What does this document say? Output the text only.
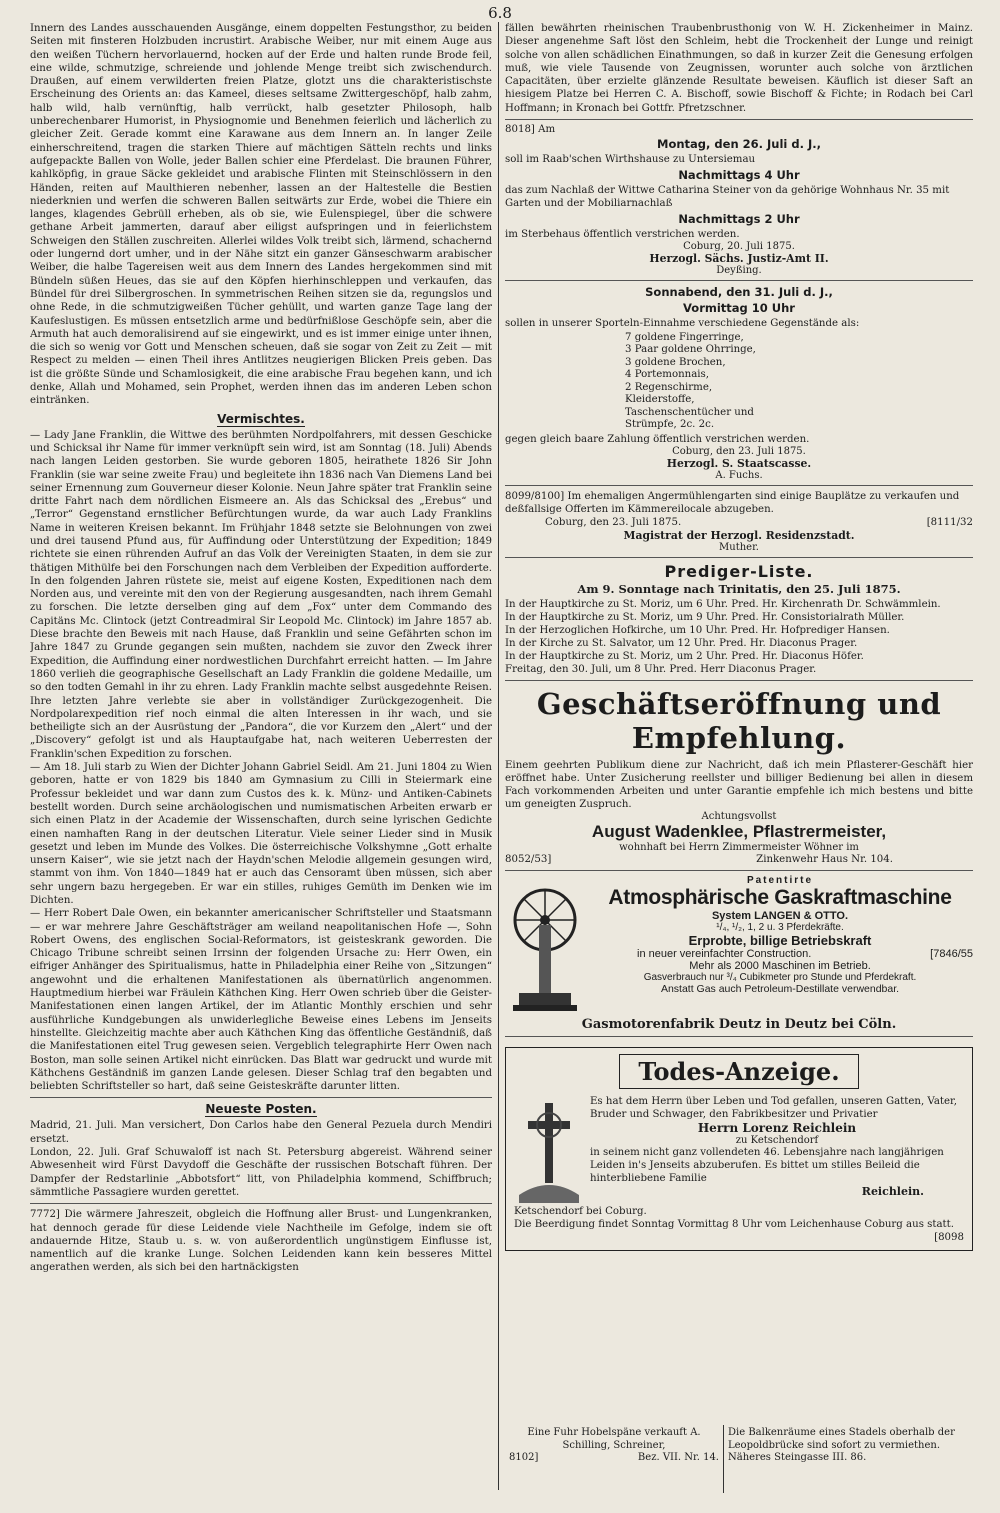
6.8

Innern des Landes ausschauenden Ausgänge, einem doppelten Festungsthor, zu beiden Seiten mit finsteren Holzbuden incrustirt. Arabische Weiber, nur mit einem Auge aus den weißen Tüchern hervorlauernd, hocken auf der Erde und halten runde Brode feil, eine wilde, schmutzige, schreiende und johlende Menge treibt sich zwischendurch. Draußen, auf einem verwilderten freien Platze, glotzt uns die charakteristischste Erscheinung des Orients an: das Kameel, dieses seltsame Zwittergeschöpf, halb zahm, halb wild, halb vernünftig, halb verrückt, halb gesetzter Philosoph, halb unberechenbarer Humorist, in Physiognomie und Benehmen feierlich und lächerlich zu gleicher Zeit. Gerade kommt eine Karawane aus dem Innern an. In langer Zeile einherschreitend, tragen die starken Thiere auf mächtigen Sätteln rechts und links aufgepackte Ballen von Wolle, jeder Ballen schier eine Pferdelast. Die braunen Führer, kahlköpfig, in graue Säcke gekleidet und arabische Flinten mit Steinschlössern in den Händen, reiten auf Maulthieren nebenher, lassen an der Haltestelle die Bestien niederknien und werfen die schweren Ballen seitwärts zur Erde, wobei die Thiere ein langes, klagendes Gebrüll erheben, als ob sie, wie Eulenspiegel, über die schwere gethane Arbeit jammerten, darauf aber eiligst aufspringen und in feierlichstem Schweigen den Ställen zuschreiten. Allerlei wildes Volk treibt sich, lärmend, schachernd oder lungernd dort umher, und in der Nähe sitzt ein ganzer Gänseschwarm arabischer Weiber, die halbe Tagereisen weit aus dem Innern des Landes hergekommen sind mit Bündeln süßen Heues, das sie auf den Köpfen hierhinschleppen und verkaufen, das Bündel für drei Silbergroschen. In symmetrischen Reihen sitzen sie da, regungslos und ohne Rede, in die schmutzigweißen Tücher gehüllt, und warten ganze Tage lang der Kaufeslustigen. Es müssen entsetzlich arme und bedürfnißlose Geschöpfe sein, aber die Armuth hat auch demoralisirend auf sie eingewirkt, und es ist immer einige unter ihnen, die sich so wenig vor Gott und Menschen scheuen, daß sie sogar von Zeit zu Zeit — mit Respect zu melden — einen Theil ihres Antlitzes neugierigen Blicken Preis geben. Das ist die größte Sünde und Schamlosigkeit, die eine arabische Frau begehen kann, und ich denke, Allah und Mohamed, sein Prophet, werden ihnen das im anderen Leben schon eintränken.

Vermischtes.

— Lady Jane Franklin, die Wittwe des berühmten Nordpolfahrers, mit dessen Geschicke und Schicksal ihr Name für immer verknüpft sein wird, ist am Sonntag (18. Juli) Abends nach langen Leiden gestorben. Sie wurde geboren 1805, heirathete 1826 Sir John Franklin (sie war seine zweite Frau) und begleitete ihn 1836 nach Van Diemens Land bei seiner Ernennung zum Gouverneur dieser Kolonie. Neun Jahre später trat Franklin seine dritte Fahrt nach dem nördlichen Eismeere an. Als das Schicksal des „Erebus“ und „Terror“ Gegenstand ernstlicher Befürchtungen wurde, da war auch Lady Franklins Name in weiteren Kreisen bekannt. Im Frühjahr 1848 setzte sie Belohnungen von zwei und drei tausend Pfund aus, für Auffindung oder Unterstützung der Expedition; 1849 richtete sie einen rührenden Aufruf an das Volk der Vereinigten Staaten, in dem sie zur thätigen Mithülfe bei den Forschungen nach dem Verbleiben der Expedition aufforderte. In den folgenden Jahren rüstete sie, meist auf eigene Kosten, Expeditionen nach dem Norden aus, und vereinte mit den von der Regierung ausgesandten, nach ihrem Gemahl zu forschen. Die letzte derselben ging auf dem „Fox“ unter dem Commando des Capitäns Mc. Clintock (jetzt Contreadmiral Sir Leopold Mc. Clintock) im Jahre 1857 ab. Diese brachte den Beweis mit nach Hause, daß Franklin und seine Gefährten schon im Jahre 1847 zu Grunde gegangen sein mußten, nachdem sie zuvor den Zweck ihrer Expedition, die Auffindung einer nordwestlichen Durchfahrt erreicht hatten. — Im Jahre 1860 verlieh die geographische Gesellschaft an Lady Franklin die goldene Medaille, um so den todten Gemahl in ihr zu ehren. Lady Franklin machte selbst ausgedehnte Reisen. Ihre letzten Jahre verlebte sie aber in vollständiger Zurückgezogenheit. Die Nordpolarexpedition rief noch einmal die alten Interessen in ihr wach, und sie betheiligte sich an der Ausrüstung der „Pandora“, die vor Kurzem den „Alert“ und der „Discovery“ gefolgt ist und als Hauptaufgabe hat, nach weiteren Ueberresten der Franklin'schen Expedition zu forschen.
— Am 18. Juli starb zu Wien der Dichter Johann Gabriel Seidl. Am 21. Juni 1804 zu Wien geboren, hatte er von 1829 bis 1840 am Gymnasium zu Cilli in Steiermark eine Professur bekleidet und war dann zum Custos des k. k. Münz- und Antiken-Cabinets bestellt worden. Durch seine archäologischen und numismatischen Arbeiten erwarb er sich einen Platz in der Academie der Wissenschaften, durch seine lyrischen Gedichte einen namhaften Rang in der deutschen Literatur. Viele seiner Lieder sind in Musik gesetzt und leben im Munde des Volkes. Die österreichische Volkshymne „Gott erhalte unsern Kaiser“, wie sie jetzt nach der Haydn'schen Melodie allgemein gesungen wird, stammt von ihm. Von 1840—1849 hat er auch das Censoramt üben müssen, sich aber sehr ungern bazu hergegeben. Er war ein stilles, ruhiges Gemüth im Denken wie im Dichten.
— Herr Robert Dale Owen, ein bekannter americanischer Schriftsteller und Staatsmann — er war mehrere Jahre Geschäftsträger am weiland neapolitanischen Hofe —, Sohn Robert Owens, des englischen Social-Reformators, ist geisteskrank geworden. Die Chicago Tribune schreibt seinen Irrsinn der folgenden Ursache zu: Herr Owen, ein eifriger Anhänger des Spiritualismus, hatte in Philadelphia einer Reihe von „Sitzungen“ angewohnt und die erhaltenen Manifestationen als übernatürlich angenommen. Hauptmedium hierbei war Fräulein Käthchen King. Herr Owen schrieb über die Geister-Manifestationen einen langen Artikel, der im Atlantic Monthly erschien und sehr ausführliche Kundgebungen als unwiderlegliche Beweise eines Lebens im Jenseits hinstellte. Gleichzeitig machte aber auch Käthchen King das öffentliche Geständniß, daß die Manifestationen eitel Trug gewesen seien. Vergeblich telegraphirte Herr Owen nach Boston, man solle seinen Artikel nicht einrücken. Das Blatt war gedruckt und wurde mit Käthchens Geständniß im ganzen Lande gelesen. Dieser Schlag traf den begabten und beliebten Schriftsteller so hart, daß seine Geisteskräfte darunter litten.

Neueste Posten.

Madrid, 21. Juli. Man versichert, Don Carlos habe den General Pezuela durch Mendiri ersetzt.
London, 22. Juli. Graf Schuwaloff ist nach St. Petersburg abgereist. Während seiner Abwesenheit wird Fürst Davydoff die Geschäfte der russischen Botschaft führen. Der Dampfer der Redstarlinie „Abbotsfort“ litt, von Philadelphia kommend, Schiffbruch; sämmtliche Passagiere wurden gerettet.

7772] Die wärmere Jahreszeit, obgleich die Hoffnung aller Brust- und Lungenkranken, hat dennoch gerade für diese Leidende viele Nachtheile im Gefolge, indem sie oft andauernde Hitze, Staub u. s. w. von außerordentlich ungünstigem Einflusse ist, namentlich auf die kranke Lunge. Solchen Leidenden kann kein besseres Mittel angerathen werden, als sich bei den hartnäckigsten

fällen bewährten rheinischen Traubenbrusthonig von W. H. Zickenheimer in Mainz. Dieser angenehme Saft löst den Schleim, hebt die Trockenheit der Lunge und reinigt solche von allen schädlichen Einathmungen, so daß in kurzer Zeit die Genesung erfolgen muß, wie viele Tausende von Zeugnissen, worunter auch solche von ärztlichen Capacitäten, über erzielte glänzende Resultate beweisen. Käuflich ist dieser Saft an hiesigem Platze bei Herren C. A. Bischoff, sowie Bischoff & Fichte; in Rodach bei Carl Hoffmann; in Kronach bei Gottfr. Pfretzschner.

8018] Am
Montag, den 26. Juli d. J.,
soll im Raab'schen Wirthshause zu Untersiemau
Nachmittags 4 Uhr
das zum Nachlaß der Wittwe Catharina Steiner von da gehörige Wohnhaus Nr. 35 mit Garten und der Mobiliarnachlaß
Nachmittags 2 Uhr
im Sterbehaus öffentlich verstrichen werden.
Coburg, 20. Juli 1875.
Herzogl. Sächs. Justiz-Amt II.
Deyßing.
Sonnabend, den 31. Juli d. J.,
Vormittag 10 Uhr
sollen in unserer Sporteln-Einnahme verschiedene Gegenstände als:
7 goldene Fingerringe,
3 Paar goldene Ohrringe,
3 goldene Brochen,
4 Portemonnais,
2 Regenschirme,
Kleiderstoffe,
Taschenschentücher und
Strümpfe, 2c. 2c.
gegen gleich baare Zahlung öffentlich verstrichen werden.
Coburg, den 23. Juli 1875.
Herzogl. S. Staatscasse.
A. Fuchs.
8099/8100] Im ehemaligen Angermühlengarten sind einige Bauplätze zu verkaufen und deßfallsige Offerten im Kämmereilocale abzugeben.
Coburg, den 23. Juli 1875.	[8111/32
Magistrat der Herzogl. Residenzstadt.
Muther.
Prediger-Liste.
Am 9. Sonntage nach Trinitatis, den 25. Juli 1875.
In der Hauptkirche zu St. Moriz, um 6 Uhr. Pred. Hr. Kirchenrath Dr. Schwämmlein.
In der Hauptkirche zu St. Moriz, um 9 Uhr. Pred. Hr. Consistorialrath Müller.
In der Herzoglichen Hofkirche, um 10 Uhr. Pred. Hr. Hofprediger Hansen.
In der Kirche zu St. Salvator, um 12 Uhr. Pred. Hr. Diaconus Prager.
In der Hauptkirche zu St. Moriz, um 2 Uhr. Pred. Hr. Diaconus Höfer.
Freitag, den 30. Juli, um 8 Uhr. Pred. Herr Diaconus Prager.
Geschäftseröffnung und Empfehlung.
Einem geehrten Publikum diene zur Nachricht, daß ich mein Pflasterer-Geschäft hier eröffnet habe. Unter Zusicherung reellster und billiger Bedienung bei allen in diesem Fach vorkommenden Arbeiten und unter Garantie empfehle ich mich bestens und bitte um geneigten Zuspruch.
Achtungsvollst
August Wadenklee, Pflastrermeister,
wohnhaft bei Herrn Zimmermeister Wöhner im
8052/53]	Zinkenwehr Haus Nr. 104.
Patentirte
Atmosphärische Gaskraftmaschine
System LANGEN & OTTO.
¹/₄, ¹/₂, 1, 2 u. 3 Pferdekräfte.
Erprobte, billige Betriebskraft
in neuer vereinfachter Construction.	[7846/55
Mehr als 2000 Maschinen im Betrieb.
Gasverbrauch nur ³/₄ Cubikmeter pro Stunde und Pferdekraft.
Anstatt Gas auch Petroleum-Destillate verwendbar.
Gasmotorenfabrik Deutz in Deutz bei Cöln.
Todes-Anzeige.
Es hat dem Herrn über Leben und Tod gefallen, unseren Gatten, Vater, Bruder und Schwager, den Fabrikbesitzer und Privatier
Herrn Lorenz Reichlein
zu Ketschendorf
in seinem nicht ganz vollendeten 46. Lebensjahre nach langjährigen Leiden in's Jenseits abzuberufen. Es bittet um stilles Beileid die hinterbliebene Familie
Reichlein.
Ketschendorf bei Coburg.
Die Beerdigung findet Sonntag Vormittag 8 Uhr vom Leichenhause Coburg aus statt.
[8098
Eine Fuhr Hobelspäne verkauft A. Schilling, Schreiner,
8102]	Bez. VII. Nr. 14.
Die Balkenräume eines Stadels oberhalb der Leopoldbrücke sind sofort zu vermiethen. Näheres Steingasse III. 86.
